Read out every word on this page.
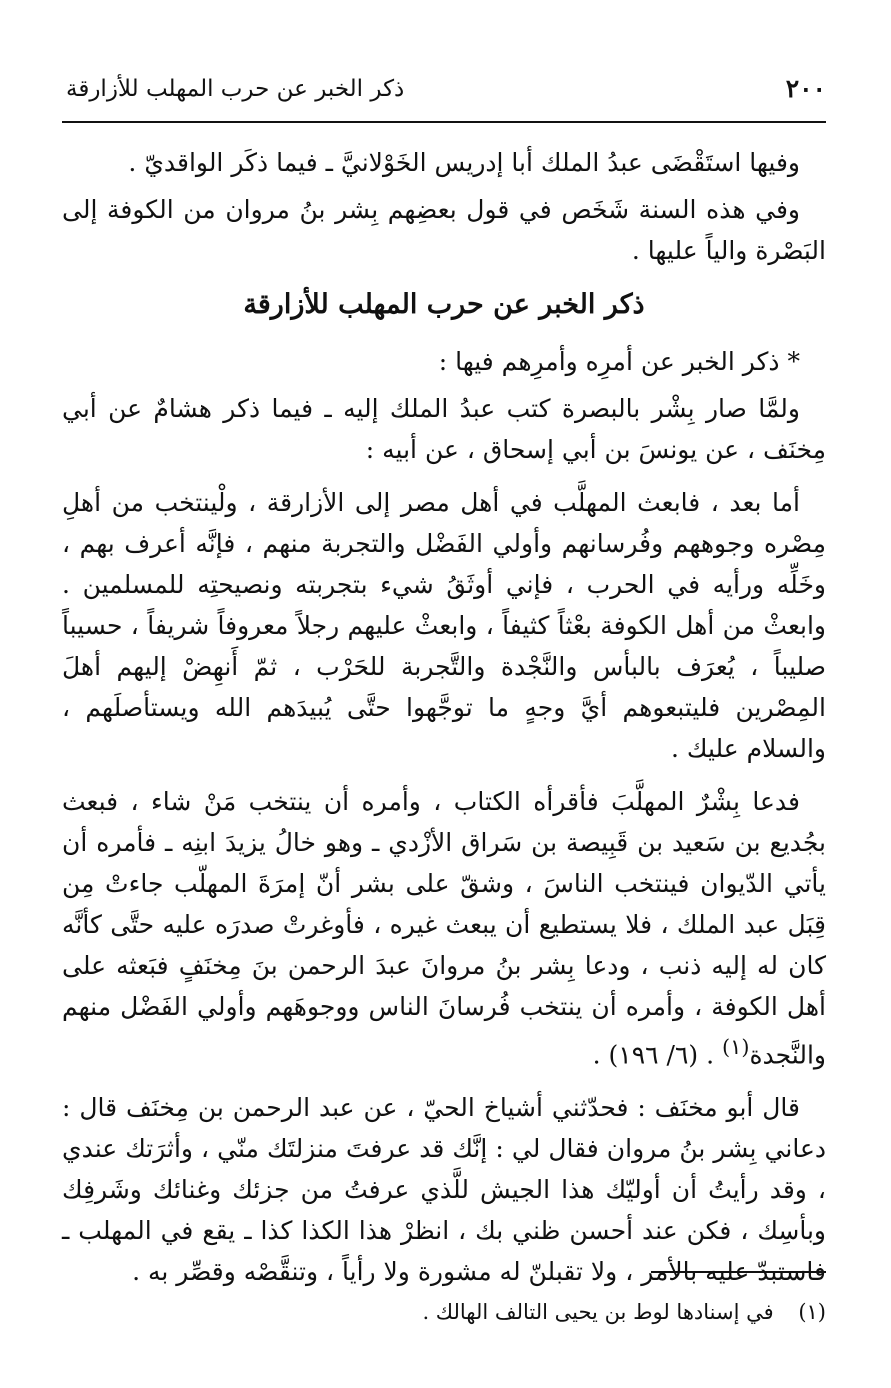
٢٠٠
ذكر الخبر عن حرب المهلب للأزارقة

وفيها استَقْضَى عبدُ الملك أبا إدريس الخَوْلانيَّ ـ فيما ذكَر الواقديّ .

وفي هذه السنة شَخَص في قول بعضِهم بِشر بنُ مروان من الكوفة إلى البَصْرة والياً عليها .

ذكر الخبر عن حرب المهلب للأزارقة

* ذكر الخبر عن أمرِه وأمرِهم فيها :

ولمَّا صار بِشْر بالبصرة كتب عبدُ الملك إليه ـ فيما ذكر هشامٌ عن أبي مِخنَف ، عن يونسَ بن أبي إسحاق ، عن أبيه :

أما بعد ، فابعث المهلَّب في أهل مصر إلى الأزارقة ، ولْينتخب من أهلِ مِصْره وجوههم وفُرسانهم وأولي الفَضْل والتجربة منهم ، فإنَّه أعرف بهم ، وخَلِّه ورأيه في الحرب ، فإني أوثَقُ شيء بتجربته ونصيحتِه للمسلمين . وابعثْ من أهل الكوفة بعْثاً كثيفاً ، وابعثْ عليهم رجلاً معروفاً شريفاً ، حسيباً صليباً ، يُعرَف بالبأس والنَّجْدة والتَّجربة للحَرْب ، ثمّ أَنهِضْ إليهم أهلَ المِصْرين فليتبعوهم أيَّ وجهٍ ما توجَّهوا حتَّى يُبيدَهم الله ويستأصلَهم ، والسلام عليك .

فدعا بِشْرٌ المهلَّبَ فأقرأه الكتاب ، وأمره أن ينتخب مَنْ شاء ، فبعث بجُديع بن سَعيد بن قَبِيصة بن سَراق الأزْدي ـ وهو خالُ يزيدَ ابنِه ـ فأمره أن يأتي الدّيوان فينتخب الناسَ ، وشقّ على بشر أنّ إمرَةَ المهلّب جاءتْ مِن قِبَل عبد الملك ، فلا يستطيع أن يبعث غيره ، فأوغرتْ صدرَه عليه حتَّى كأنَّه كان له إليه ذنب ، ودعا بِشر بنُ مروانَ عبدَ الرحمن بنَ مِخنَفٍ فبَعثه على أهل الكوفة ، وأمره أن ينتخب فُرسانَ الناس ووجوهَهم وأولي الفَضْل منهم والنَّجدة$^{(١)}$ . (٦/ ١٩٦) .

قال أبو مخنَف : فحدّثني أشياخ الحيّ ، عن عبد الرحمن بن مِخنَف قال : دعاني بِشر بنُ مروان فقال لي : إنَّك قد عرفتَ منزلتَك منّي ، وأثرَتك عندي ، وقد رأيتُ أن أوليّك هذا الجيش للَّذي عرفتُ من جزئك وغنائك وشَرفِك وبأسِك ، فكن عند أحسن ظني بك ، انظرْ هذا الكذا كذا ـ يقع في المهلب ـ فاستبدّ عليه بالأمر ، ولا تقبلنّ له مشورة ولا رأياً ، وتنقَّصْه وقصِّر به .

(١) في إسنادها لوط بن يحيى التالف الهالك .
